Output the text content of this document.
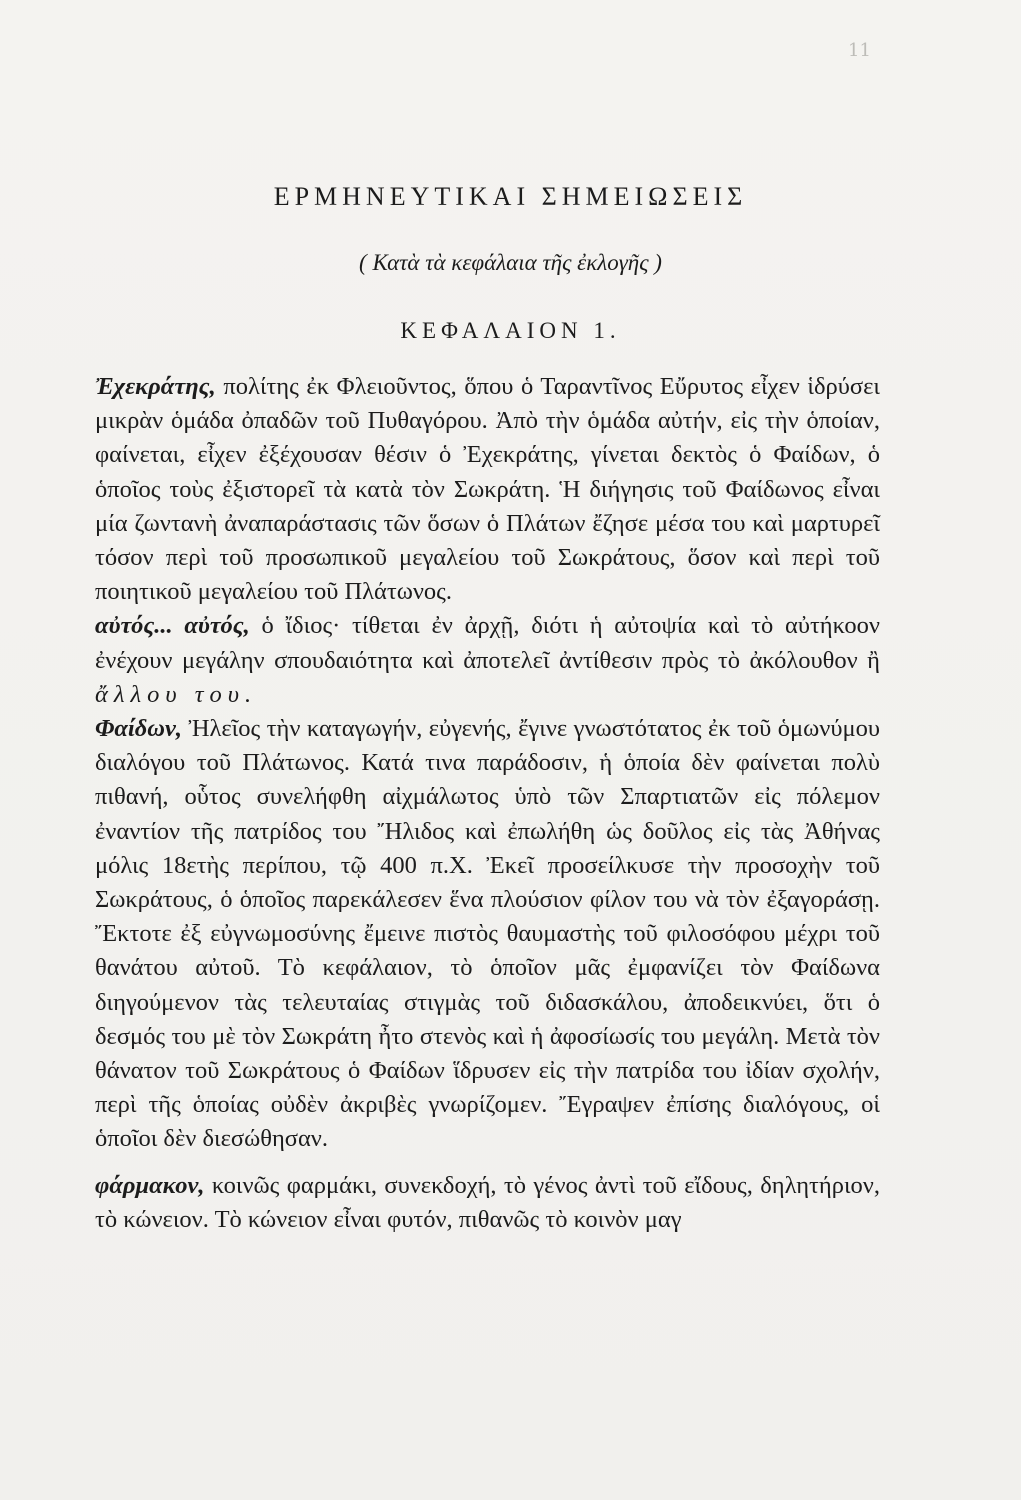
11
ΕΡΜΗΝΕΥΤΙΚΑΙ ΣΗΜΕΙΩΣΕΙΣ
( Κατὰ τὰ κεφάλαια τῆς ἐκλογῆς )
ΚΕΦΑΛΑΙΟΝ 1.

Ἐχεκράτης, πολίτης ἐκ Φλειοῦντος, ὅπου ὁ Ταραντῖνος Εὔρυτος εἶχεν ἱδρύσει μικρὰν ὁμάδα ὀπαδῶν τοῦ Πυθαγόρου. Ἀπὸ τὴν ὁμάδα αὐτήν, εἰς τὴν ὁποίαν, φαίνεται, εἶχεν ἐξέχουσαν θέσιν ὁ Ἐχεκράτης, γίνεται δεκτὸς ὁ Φαίδων, ὁ ὁποῖος τοὺς ἐξιστορεῖ τὰ κατὰ τὸν Σωκράτη. Ἡ διήγησις τοῦ Φαίδωνος εἶναι μία ζωντανὴ ἀναπαράστασις τῶν ὅσων ὁ Πλάτων ἔζησε μέσα του καὶ μαρτυρεῖ τόσον περὶ τοῦ προσωπικοῦ μεγαλείου τοῦ Σωκράτους, ὅσον καὶ περὶ τοῦ ποιητικοῦ μεγαλείου τοῦ Πλάτωνος.

αὐτός... αὐτός, ὁ ἴδιος· τίθεται ἐν ἀρχῇ, διότι ἡ αὐτοψία καὶ τὸ αὐτήκοον ἐνέχουν μεγάλην σπουδαιότητα καὶ ἀποτελεῖ ἀντίθεσιν πρὸς τὸ ἀκόλουθον ἢ ἄλλου του.

Φαίδων, Ἠλεῖος τὴν καταγωγήν, εὐγενής, ἔγινε γνωστότατος ἐκ τοῦ ὁμωνύμου διαλόγου τοῦ Πλάτωνος. Κατά τινα παράδοσιν, ἡ ὁποία δὲν φαίνεται πολὺ πιθανή, οὗτος συνελήφθη αἰχμάλωτος ὑπὸ τῶν Σπαρτιατῶν εἰς πόλεμον ἐναντίον τῆς πατρίδος του Ἤλιδος καὶ ἐπωλήθη ὡς δοῦλος εἰς τὰς Ἀθήνας μόλις 18ετὴς περίπου, τῷ 400 π.Χ. Ἐκεῖ προσείλκυσε τὴν προσοχὴν τοῦ Σωκράτους, ὁ ὁποῖος παρεκάλεσεν ἕνα πλούσιον φίλον του νὰ τὸν ἐξαγοράσῃ. Ἔκτοτε ἐξ εὐγνωμοσύνης ἔμεινε πιστὸς θαυμαστὴς τοῦ φιλοσόφου μέχρι τοῦ θανάτου αὐτοῦ. Τὸ κεφάλαιον, τὸ ὁποῖον μᾶς ἐμφανίζει τὸν Φαίδωνα διηγούμενον τὰς τελευταίας στιγμὰς τοῦ διδασκάλου, ἀποδεικνύει, ὅτι ὁ δεσμός του μὲ τὸν Σωκράτη ἦτο στενὸς καὶ ἡ ἀφοσίωσίς του μεγάλη. Μετὰ τὸν θάνατον τοῦ Σωκράτους ὁ Φαίδων ἵδρυσεν εἰς τὴν πατρίδα του ἰδίαν σχολήν, περὶ τῆς ὁποίας οὐδὲν ἀκριβὲς γνωρίζομεν. Ἔγραψεν ἐπίσης διαλόγους, οἱ ὁποῖοι δὲν διεσώθησαν.

φάρμακον, κοινῶς φαρμάκι, συνεκδοχή, τὸ γένος ἀντὶ τοῦ εἴδους, δηλητήριον, τὸ κώνειον. Τὸ κώνειον εἶναι φυτόν, πιθανῶς τὸ κοινὸν μαγ
